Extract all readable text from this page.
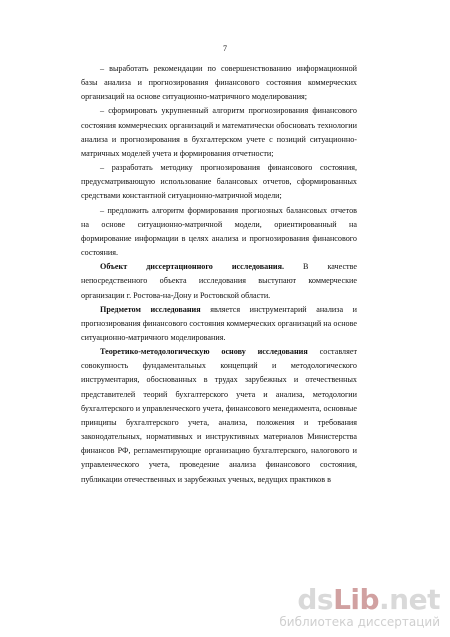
7

– выработать рекомендации по совершенствованию информационной базы анализа и прогнозирования финансового состояния коммерческих организаций на основе ситуационно-матричного моделирования;

– сформировать укрупненный алгоритм прогнозирования финансового состояния коммерческих организаций и математически обосновать технологии анализа и прогнозирования в бухгалтерском учете с позиций ситуационно-матричных моделей учета и формирования отчетности;

– разработать методику прогнозирования финансового состояния, предусматривающую использование балансовых отчетов, сформированных средствами константной ситуационно-матричной модели;

– предложить алгоритм формирования прогнозных балансовых отчетов на основе ситуационно-матричной модели, ориентированный на формирование информации в целях анализа и прогнозирования финансового состояния.

Объект диссертационного исследования. В качестве непосредственного объекта исследования выступают коммерческие организации г. Ростова-на-Дону и Ростовской области.

Предметом исследования является инструментарий анализа и прогнозирования финансового состояния коммерческих организаций на основе ситуационно-матричного моделирования.

Теоретико-методологическую основу исследования составляет совокупность фундаментальных концепций и методологического инструментария, обоснованных в трудах зарубежных и отечественных представителей теорий бухгалтерского учета и анализа, методологии бухгалтерского и управленческого учета, финансового менеджмента, основные принципы бухгалтерского учета, анализа, положения и требования законодательных, нормативных и инструктивных материалов Министерства финансов РФ, регламентирующие организацию бухгалтерского, налогового и управленческого учета, проведение анализа финансового состояния, публикации отечественных и зарубежных ученых, ведущих практиков в

dsLib.net
библиотека диссертаций
